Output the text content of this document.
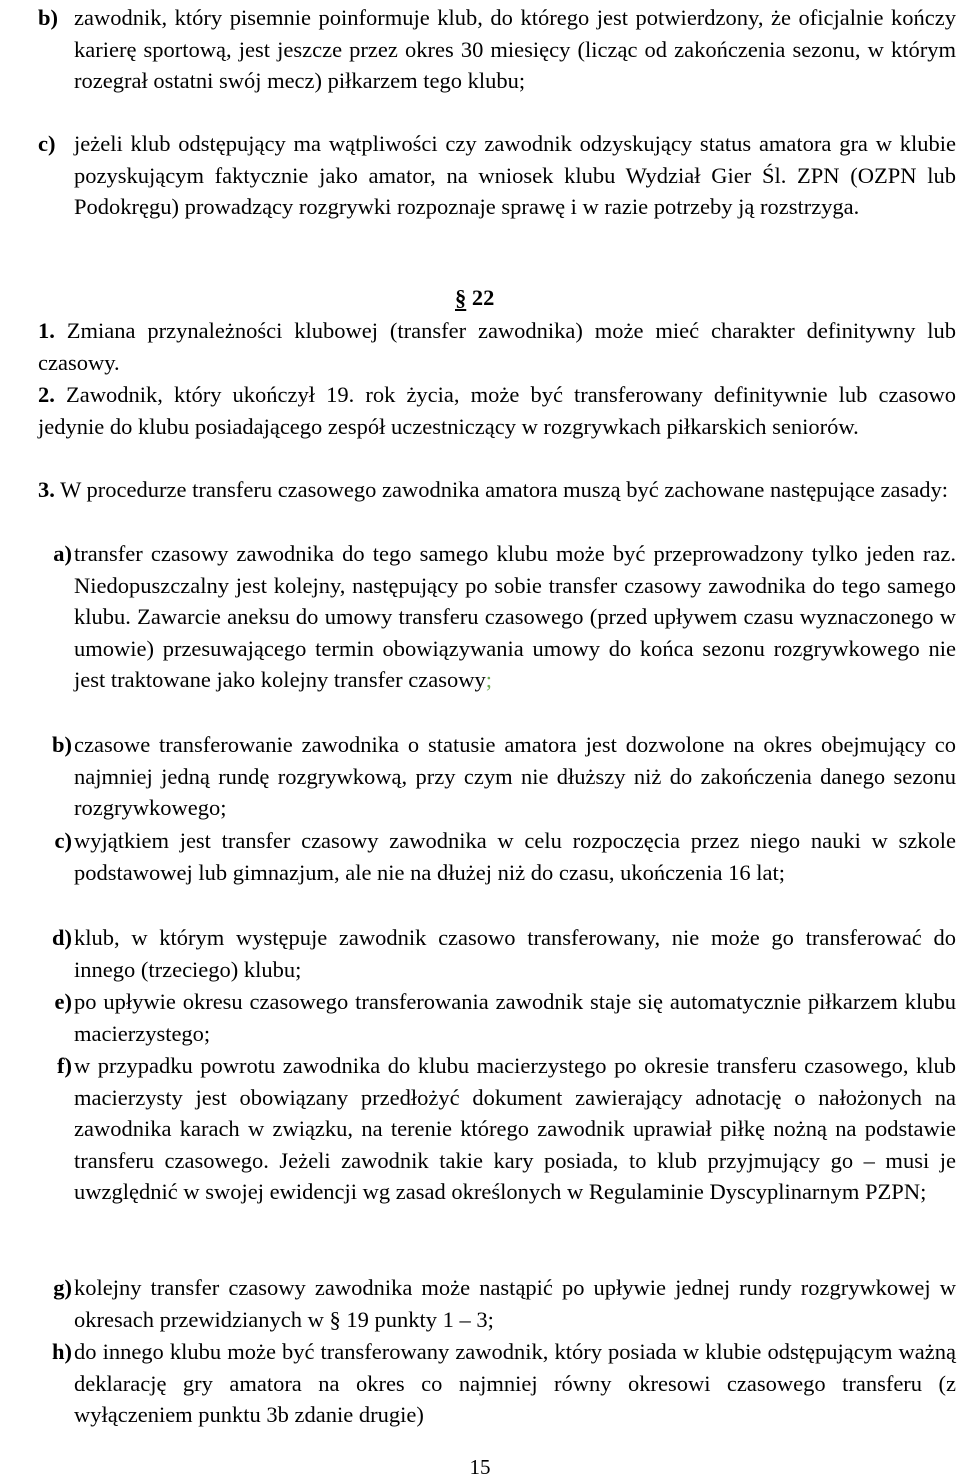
b) zawodnik, który pisemnie poinformuje klub, do którego jest potwierdzony, że oficjalnie kończy karierę sportową, jest jeszcze przez okres 30 miesięcy (licząc od zakończenia sezonu, w którym rozegrał ostatni swój mecz) piłkarzem tego klubu;
c) jeżeli klub odstępujący ma wątpliwości czy zawodnik odzyskujący status amatora gra w klubie pozyskującym faktycznie jako amator, na wniosek klubu Wydział Gier Śl. ZPN (OZPN lub Podokręgu) prowadzący rozgrywki rozpoznaje sprawę i w razie potrzeby ją rozstrzyga.
§ 22
1. Zmiana przynależności klubowej (transfer zawodnika) może mieć charakter definitywny lub czasowy.
2. Zawodnik, który ukończył 19. rok życia, może być transferowany definitywnie lub czasowo jedynie do klubu posiadającego zespół uczestniczący w rozgrywkach piłkarskich seniorów.
3. W procedurze transferu czasowego zawodnika amatora muszą być zachowane następujące zasady:
a) transfer czasowy zawodnika do tego samego klubu może być przeprowadzony tylko jeden raz. Niedopuszczalny jest kolejny, następujący po sobie transfer czasowy zawodnika do tego samego klubu. Zawarcie aneksu do umowy transferu czasowego (przed upływem czasu wyznaczonego w umowie) przesuwającego termin obowiązywania umowy do końca sezonu rozgrywkowego nie jest traktowane jako kolejny transfer czasowy;
b) czasowe transferowanie zawodnika o statusie amatora jest dozwolone na okres obejmujący co najmniej jedną rundę rozgrywkową, przy czym nie dłuższy niż do zakończenia danego sezonu rozgrywkowego;
c) wyjątkiem jest transfer czasowy zawodnika w celu rozpoczęcia przez niego nauki w szkole podstawowej lub gimnazjum, ale nie na dłużej niż do czasu, ukończenia 16 lat;
d) klub, w którym występuje zawodnik czasowo transferowany, nie może go transferować do innego (trzeciego) klubu;
e) po upływie okresu czasowego transferowania zawodnik staje się automatycznie piłkarzem klubu macierzystego;
f) w przypadku powrotu zawodnika do klubu macierzystego po okresie transferu czasowego, klub macierzysty jest obowiązany przedłożyć dokument zawierający adnotację o nałożonych na zawodnika karach w związku, na terenie którego zawodnik uprawiał piłkę nożną na podstawie transferu czasowego. Jeżeli zawodnik takie kary posiada, to klub przyjmujący go – musi je uwzględnić w swojej ewidencji wg zasad określonych w Regulaminie Dyscyplinarnym PZPN;
g) kolejny transfer czasowy zawodnika może nastąpić po upływie jednej rundy rozgrywkowej w okresach przewidzianych w § 19 punkty 1 – 3;
h) do innego klubu może być transferowany zawodnik, który posiada w klubie odstępującym ważną deklarację gry amatora na okres co najmniej równy okresowi czasowego transferu (z wyłączeniem punktu 3b zdanie drugie)
15
